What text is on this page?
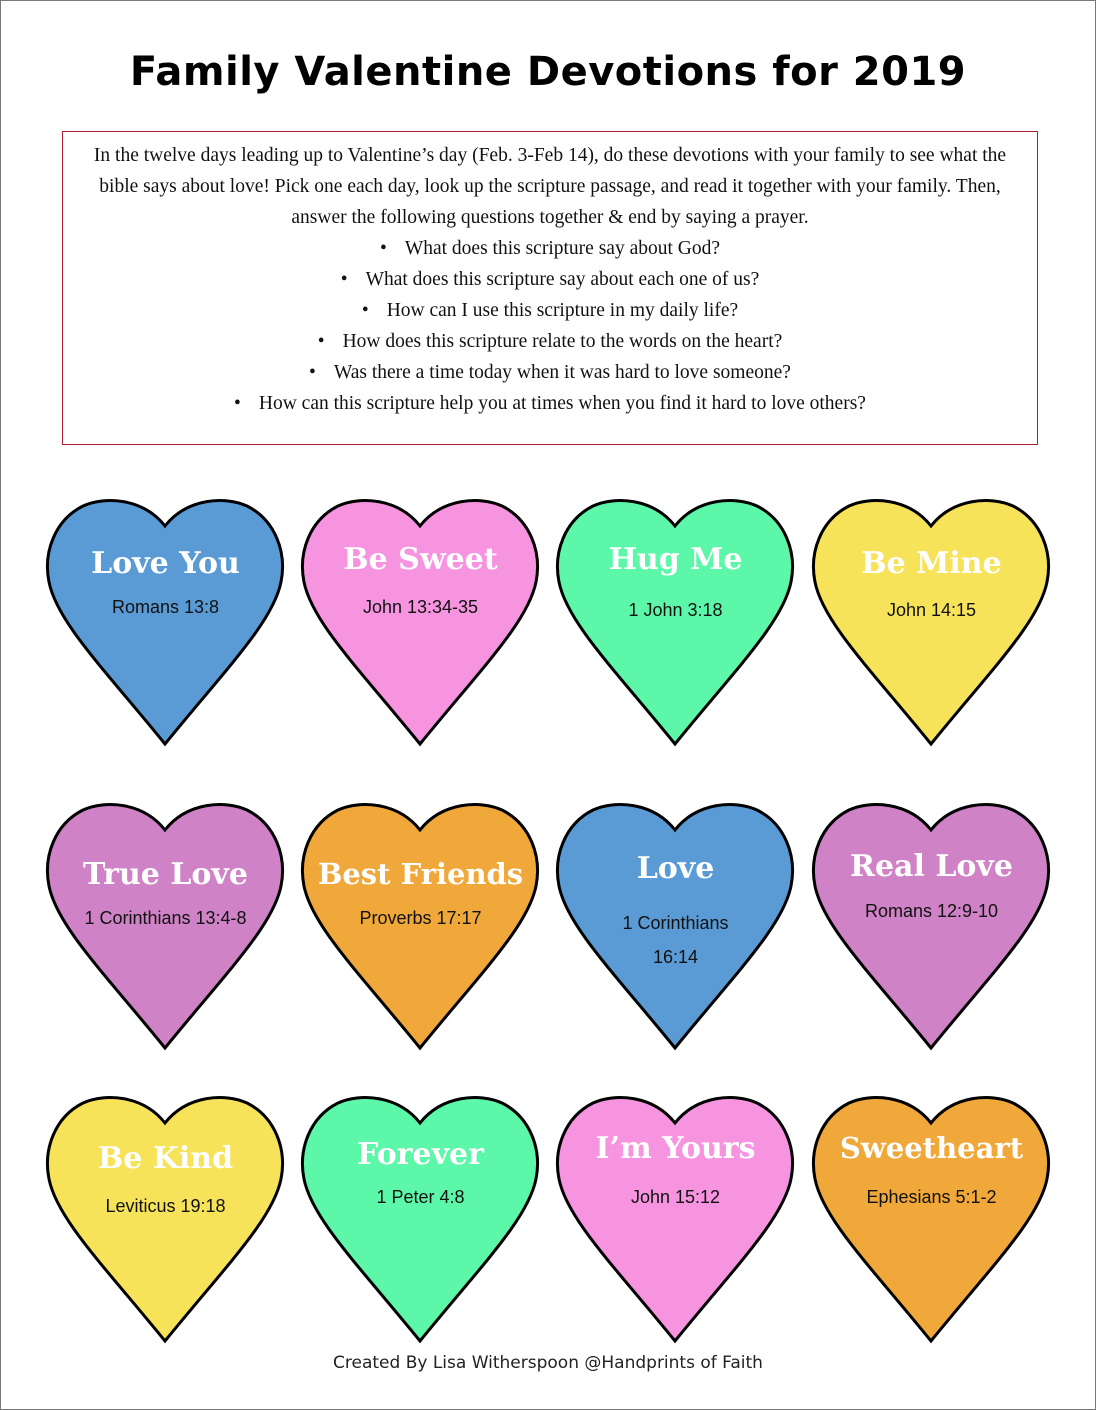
Family Valentine Devotions for 2019

In the twelve days leading up to Valentine’s day (Feb. 3-Feb 14), do these devotions with your family to see what the bible says about love! Pick one each day, look up the scripture passage, and read it together with your family. Then, answer the following questions together & end by saying a prayer.

• What does this scripture say about God?
• What does this scripture say about each one of us?
• How can I use this scripture in my daily life?
• How does this scripture relate to the words on the heart?
• Was there a time today when it was hard to love someone?
• How can this scripture help you at times when you find it hard to love others?
Love You
Romans 13:8
Be Sweet
John 13:34-35
Hug Me
1 John 3:18
Be Mine
John 14:15
True Love
1 Corinthians 13:4-8
Best Friends
Proverbs 17:17
Love
1 Corinthians 16:14
Real Love
Romans 12:9-10
Be Kind
Leviticus 19:18
Forever
1 Peter 4:8
I’m Yours
John 15:12
Sweetheart
Ephesians 5:1-2
Created By Lisa Witherspoon @Handprints of Faith
